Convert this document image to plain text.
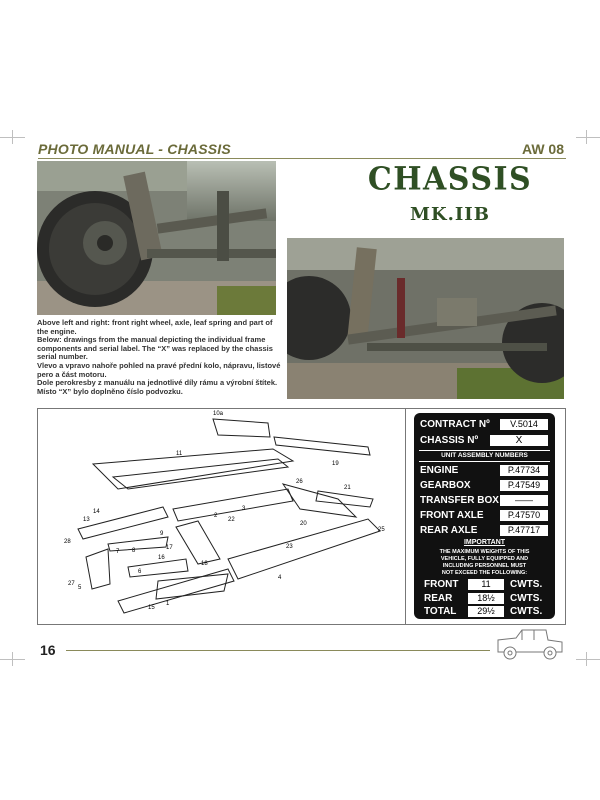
PHOTO MANUAL - CHASSIS	AW 08
CHASSIS
MK.IIB

Above left and right: front right wheel, axle, leaf spring and part of the engine.

Below: drawings from the manual depicting the individual frame components and serial label. The “X” was replaced by the chassis serial number.

Vlevo a vpravo nahoře pohled na pravé přední kolo, nápravu, listové pero a část motoru.

Dole perokresby z manuálu na jednotlivé díly rámu a výrobní štítek. Místo “X” bylo doplněno číslo podvozku.

10a
11
19
3
2
26
21
22
20
25
23
4
14
13
28
9
8
7
16
17
18
27
5
6
15
1
CONTRACT Nº	V.5014
CHASSIS Nº	X
UNIT ASSEMBLY NUMBERS
ENGINE	P.47734
GEARBOX	P.47549
TRANSFER BOX	——
FRONT AXLE	P.47570
REAR AXLE	P.47717
IMPORTANT
THE MAXIMUM WEIGHTS OF THIS
VEHICLE, FULLY EQUIPPED AND
INCLUDING PERSONNEL MUST
NOT EXCEED THE FOLLOWING:
FRONT	11	CWTS.
REAR	18½	CWTS.
TOTAL	29½	CWTS.
16
